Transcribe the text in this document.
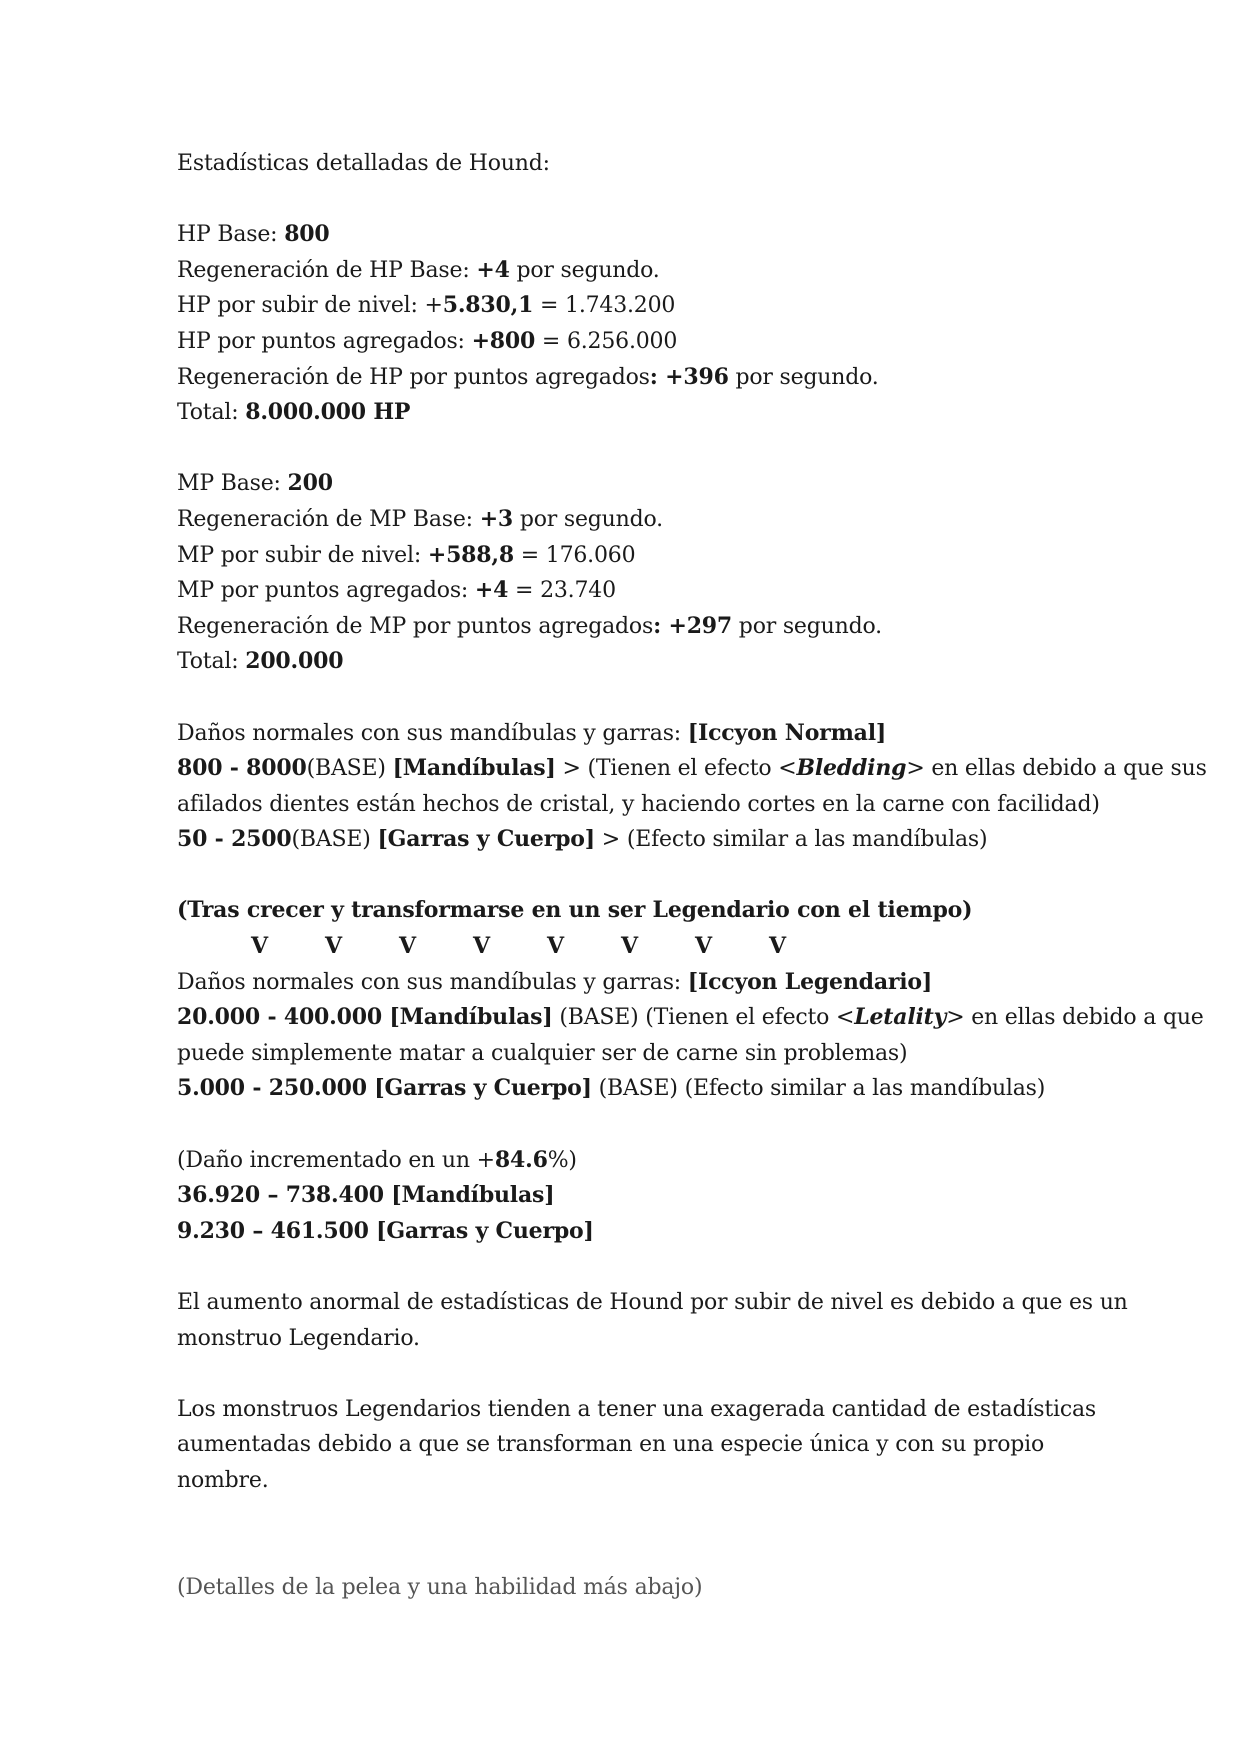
Estadísticas detalladas de Hound:
HP Base: 800
Regeneración de HP Base: +4 por segundo.
HP por subir de nivel: +5.830,1 = 1.743.200
HP por puntos agregados: +800 = 6.256.000
Regeneración de HP por puntos agregados: +396 por segundo.
Total: 8.000.000 HP
MP Base: 200
Regeneración de MP Base: +3 por segundo.
MP por subir de nivel: +588,8 = 176.060
MP por puntos agregados: +4 = 23.740
Regeneración de MP por puntos agregados: +297 por segundo.
Total: 200.000
Daños normales con sus mandíbulas y garras: [Iccyon Normal]
800 - 8000(BASE) [Mandíbulas] > (Tienen el efecto <Bledding> en ellas debido a que sus
afilados dientes están hechos de cristal, y haciendo cortes en la carne con facilidad)
50 - 2500(BASE) [Garras y Cuerpo] > (Efecto similar a las mandíbulas)
(Tras crecer y transformarse en un ser Legendario con el tiempo)
V	V	V	V	V	V	V	V
Daños normales con sus mandíbulas y garras: [Iccyon Legendario]
20.000 - 400.000 [Mandíbulas] (BASE) (Tienen el efecto <Letality> en ellas debido a que
puede simplemente matar a cualquier ser de carne sin problemas)
5.000 - 250.000 [Garras y Cuerpo] (BASE) (Efecto similar a las mandíbulas)
(Daño incrementado en un +84.6%)
36.920 – 738.400 [Mandíbulas]
9.230 – 461.500 [Garras y Cuerpo]
El aumento anormal de estadísticas de Hound por subir de nivel es debido a que es un
monstruo Legendario.
Los monstruos Legendarios tienden a tener una exagerada cantidad de estadísticas
aumentadas debido a que se transforman en una especie única y con su propio
nombre.
(Detalles de la pelea y una habilidad más abajo)
